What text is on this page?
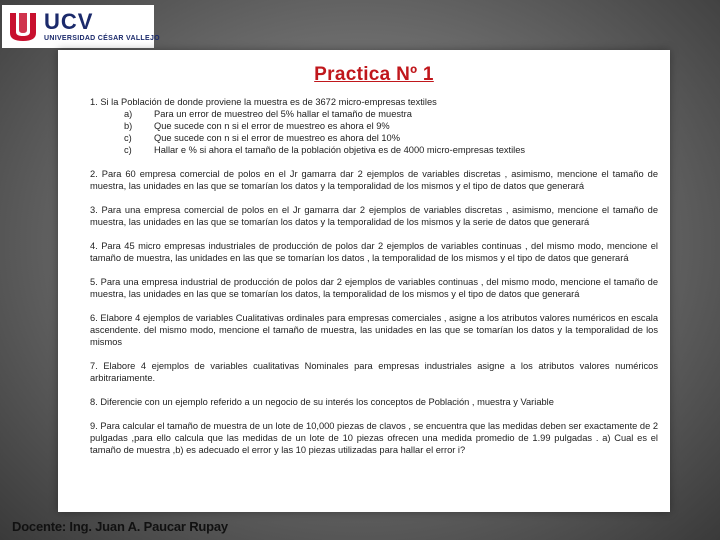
UCV
UNIVERSIDAD CÉSAR VALLEJO
Practica Nº 1

1. Si la Población de donde proviene la muestra es de 3672 micro-empresas textiles

a)	Para un error de muestreo del 5% hallar el tamaño de muestra
b)	Que sucede con n si el error de muestreo es ahora el 9%
c)	Que sucede con n si el error de muestreo es ahora del 10%
c)	Hallar e % si ahora el tamaño de la población objetiva es de 4000 micro-empresas textiles

2. Para 60 empresa comercial de polos en el Jr gamarra dar 2 ejemplos de variables discretas , asimismo, mencione el tamaño de muestra, las unidades en las que se tomarían los datos y la temporalidad de los mismos y el tipo de datos que generará

3. Para una empresa comercial de polos en el Jr gamarra dar 2 ejemplos de variables discretas , asimismo, mencione el tamaño de muestra, las unidades en las que se tomarían los datos y la temporalidad de los mismos y la serie de datos que generará

4. Para 45 micro empresas industriales de producción de polos dar 2 ejemplos de variables continuas , del mismo modo, mencione el tamaño de muestra, las unidades en las que se tomarían los datos , la temporalidad de los mismos y el tipo de datos que generará

5. Para una empresa industrial de producción de polos dar 2 ejemplos de variables continuas , del mismo modo, mencione el tamaño de muestra, las unidades en las que se tomarían los datos, la temporalidad de los mismos y el tipo de datos que generará

6. Elabore 4 ejemplos de variables Cualitativas ordinales para empresas comerciales , asigne a los atributos valores numéricos en escala ascendente. del mismo modo, mencione el tamaño de muestra, las unidades en las que se tomarían los datos y la temporalidad de los mismos

7. Elabore 4 ejemplos de variables cualitativas Nominales para empresas industriales asigne a los atributos valores numéricos arbitrariamente.

8. Diferencie con un ejemplo referido a un negocio de su interés los conceptos de Población , muestra y Variable

9. Para calcular el tamaño de muestra de un lote de 10,000 piezas de clavos , se encuentra que las medidas deben ser exactamente de 2 pulgadas ,para ello calcula que las medidas de un lote de 10 piezas ofrecen una medida promedio de 1.99 pulgadas . a) Cual es el tamaño de muestra ,b) es adecuado el error y las 10 piezas utilizadas para hallar el error i?

Docente: Ing. Juan A. Paucar Rupay
